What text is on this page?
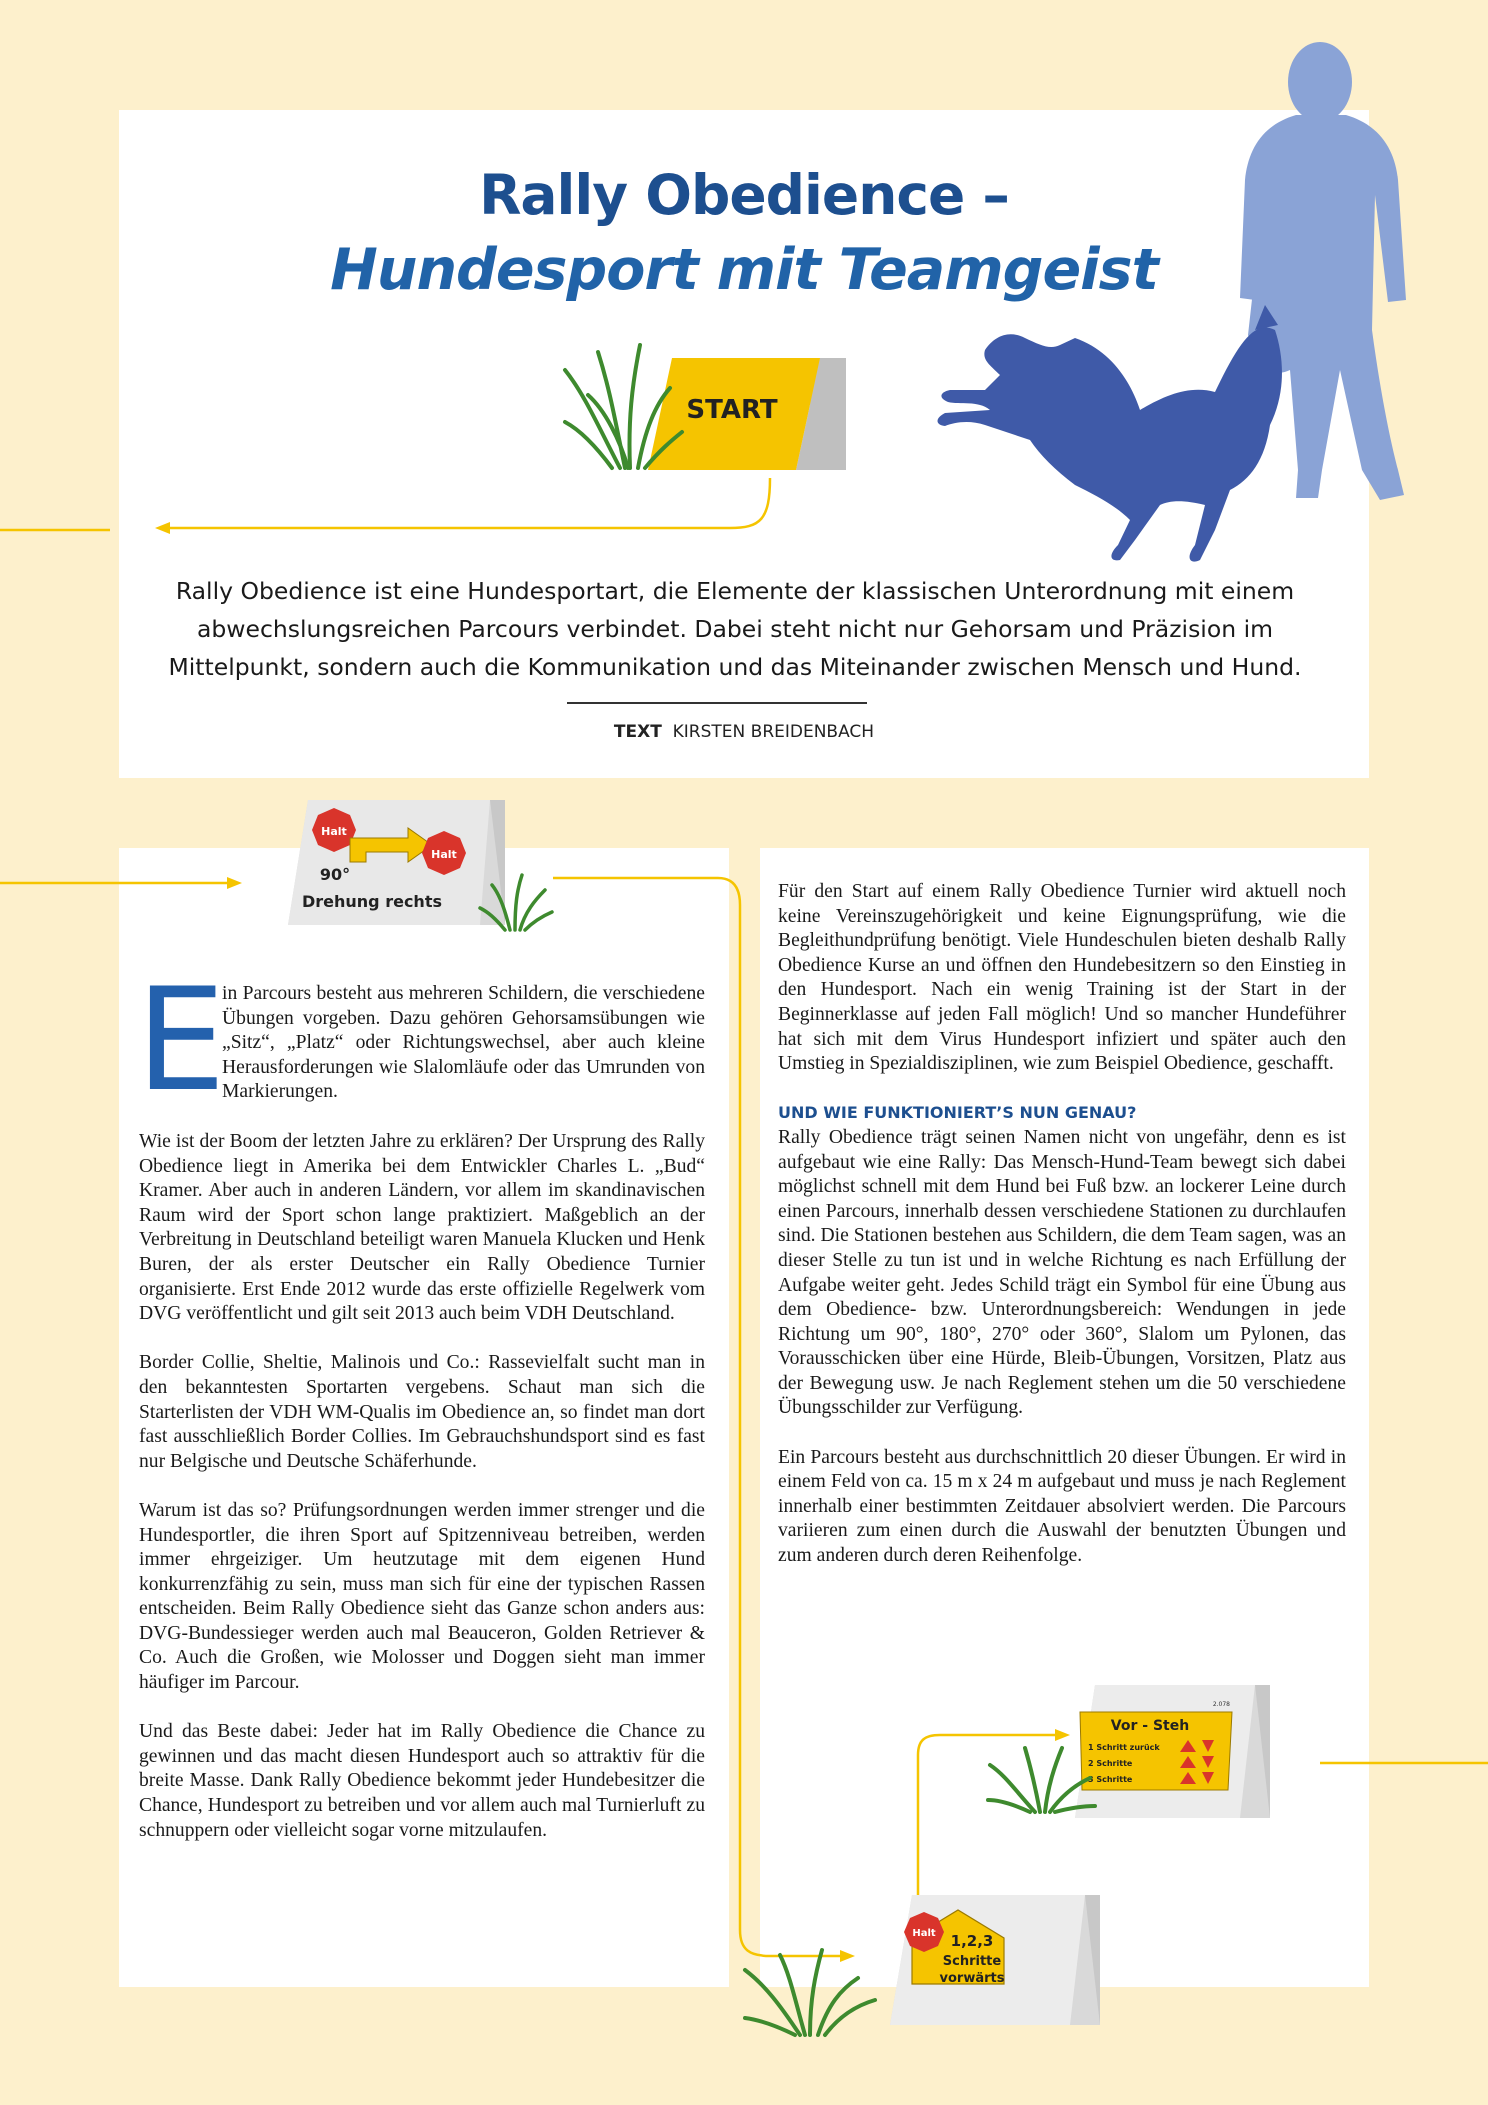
START
Halt
Halt
90°
Drehung rechts
2.078
Vor - Steh
1 Schritt zurück
2 Schritte
3 Schritte
Halt 1,2,3
Schritte
vorwärts
Rally Obedience –
Hundesport mit Teamgeist
Rally Obedience ist eine Hundesportart, die Elemente der klassischen Unterordnung mit einem abwechslungsreichen Parcours verbindet. Dabei steht nicht nur Gehorsam und Präzision im Mittelpunkt, sondern auch die Kommunikation und das Miteinander zwischen Mensch und Hund.
TEXT KIRSTEN BREIDENBACH
E

in Parcours besteht aus mehreren Schildern, die verschiedene Übungen vorgeben. Dazu gehören Gehorsamsübungen wie „Sitz“, „Platz“ oder Richtungswechsel, aber auch kleine Herausforderungen wie Slalomläufe oder das Umrunden von Markierungen.

Wie ist der Boom der letzten Jahre zu erklären? Der Ursprung des Rally Obedience liegt in Amerika bei dem Entwickler Charles L. „Bud“ Kramer. Aber auch in anderen Ländern, vor allem im skandinavischen Raum wird der Sport schon lange praktiziert. Maßgeblich an der Verbreitung in Deutschland beteiligt waren Manuela Klucken und Henk Buren, der als erster Deutscher ein Rally Obedience Turnier organisierte. Erst Ende 2012 wurde das erste offizielle Regelwerk vom DVG veröffentlicht und gilt seit 2013 auch beim VDH Deutschland.

Border Collie, Sheltie, Malinois und Co.: Rassevielfalt sucht man in den bekanntesten Sportarten vergebens. Schaut man sich die Starterlisten der VDH WM-Qualis im Obedience an, so findet man dort fast ausschließlich Border Collies. Im Gebrauchshundsport sind es fast nur Belgische und Deutsche Schäferhunde.

Warum ist das so? Prüfungsordnungen werden immer strenger und die Hundesportler, die ihren Sport auf Spitzenniveau betreiben, werden immer ehrgeiziger. Um heutzutage mit dem eigenen Hund konkurrenzfähig zu sein, muss man sich für eine der typischen Rassen entscheiden. Beim Rally Obedience sieht das Ganze schon anders aus: DVG-Bundessieger werden auch mal Beauceron, Golden Retriever & Co. Auch die Großen, wie Molosser und Doggen sieht man immer häufiger im Parcour.

Und das Beste dabei: Jeder hat im Rally Obedience die Chance zu gewinnen und das macht diesen Hundesport auch so attraktiv für die breite Masse. Dank Rally Obedience bekommt jeder Hundebesitzer die Chance, Hundesport zu betreiben und vor allem auch mal Turnierluft zu schnuppern oder vielleicht sogar vorne mitzulaufen.

Für den Start auf einem Rally Obedience Turnier wird aktuell noch keine Vereinszugehörigkeit und keine Eignungsprüfung, wie die Begleithundprüfung benötigt. Viele Hundeschulen bieten deshalb Rally Obedience Kurse an und öffnen den Hundebesitzern so den Einstieg in den Hundesport. Nach ein wenig Training ist der Start in der Beginnerklasse auf jeden Fall möglich! Und so mancher Hundeführer hat sich mit dem Virus Hundesport infiziert und später auch den Umstieg in Spezialdisziplinen, wie zum Beispiel Obedience, geschafft.

UND WIE FUNKTIONIERT’S NUN GENAU?

Rally Obedience trägt seinen Namen nicht von ungefähr, denn es ist aufgebaut wie eine Rally: Das Mensch-Hund-Team bewegt sich dabei möglichst schnell mit dem Hund bei Fuß bzw. an lockerer Leine durch einen Parcours, innerhalb dessen verschiedene Stationen zu durchlaufen sind. Die Stationen bestehen aus Schildern, die dem Team sagen, was an dieser Stelle zu tun ist und in welche Richtung es nach Erfüllung der Aufgabe weiter geht. Jedes Schild trägt ein Symbol für eine Übung aus dem Obedience- bzw. Unterordnungsbereich: Wendungen in jede Richtung um 90°, 180°, 270° oder 360°, Slalom um Pylonen, das Vorausschicken über eine Hürde, Bleib-Übungen, Vorsitzen, Platz aus der Bewegung usw. Je nach Reglement stehen um die 50 verschiedene Übungsschilder zur Verfügung.

Ein Parcours besteht aus durchschnittlich 20 dieser Übungen. Er wird in einem Feld von ca. 15 m x 24 m aufgebaut und muss je nach Reglement innerhalb einer bestimmten Zeitdauer absolviert werden. Die Parcours variieren zum einen durch die Auswahl der benutzten Übungen und zum anderen durch deren Reihenfolge.
